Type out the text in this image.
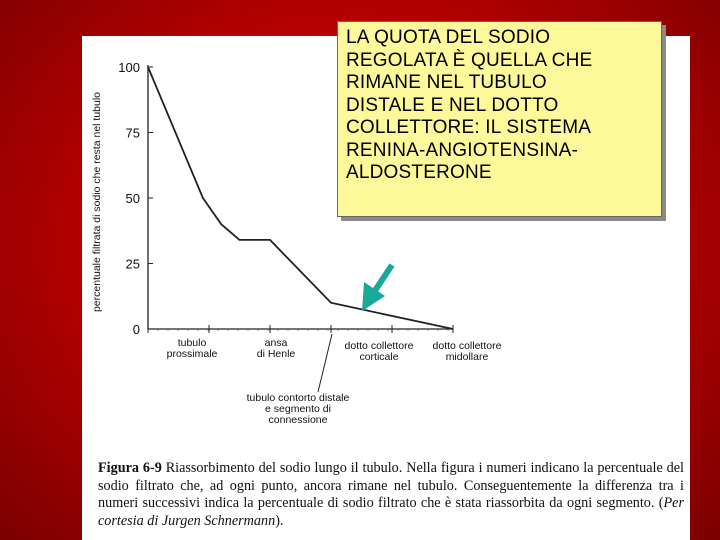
0
25
50
75
100
percentuale filtrata di sodio che resta nel tubulo
tubulo prossimale
ansa di Henle
tubulo contorto distale e segmento di connessione
dotto collettore corticale
dotto collettore midollare
LA QUOTA DEL SODIO
REGOLATA È QUELLA CHE
RIMANE NEL TUBULO
DISTALE E NEL DOTTO
COLLETTORE: IL SISTEMA
RENINA-ANGIOTENSINA-
ALDOSTERONE
Figura 6-9 Riassorbimento del sodio lungo il tubulo. Nella figura i numeri indicano la percentuale del sodio filtrato che, ad ogni punto, ancora rimane nel tubulo. Conseguentemente la differenza tra i numeri successivi indica la percentuale di sodio filtrato che è stata riassorbita da ogni segmento. (Per cortesia di Jurgen Schnermann).
